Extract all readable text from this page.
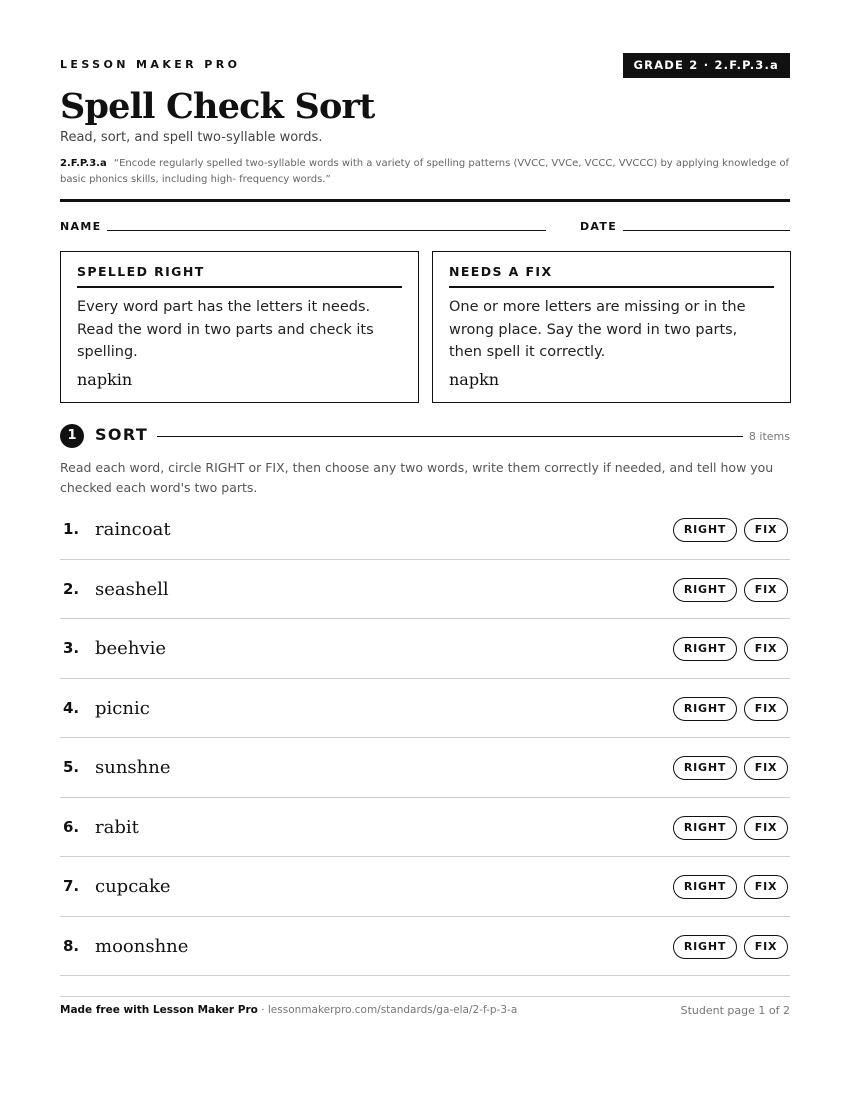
LESSON MAKER PRO	GRADE 2 · 2.F.P.3.a
Spell Check Sort
Read, sort, and spell two-syllable words.
2.F.P.3.a “Encode regularly spelled two-syllable words with a variety of spelling patterns (VVCC, VVCe, VCCC, VVCCC) by applying knowledge of basic phonics skills, including high- frequency words.”
NAME	DATE
SPELLED RIGHT
Every word part has the letters it needs. Read the word in two parts and check its spelling.
napkin
NEEDS A FIX
One or more letters are missing or in the wrong place. Say the word in two parts, then spell it correctly.
napkn
1	SORT	8 items
Read each word, circle RIGHT or FIX, then choose any two words, write them correctly if needed, and tell how you checked each word's two parts.
1. raincoat	RIGHT	FIX
2. seashell	RIGHT	FIX
3. beehvie	RIGHT	FIX
4. picnic	RIGHT	FIX
5. sunshne	RIGHT	FIX
6. rabit	RIGHT	FIX
7. cupcake	RIGHT	FIX
8. moonshne	RIGHT	FIX
Made free with Lesson Maker Pro · lessonmakerpro.com/standards/ga-ela/2-f-p-3-a	Student page 1 of 2
